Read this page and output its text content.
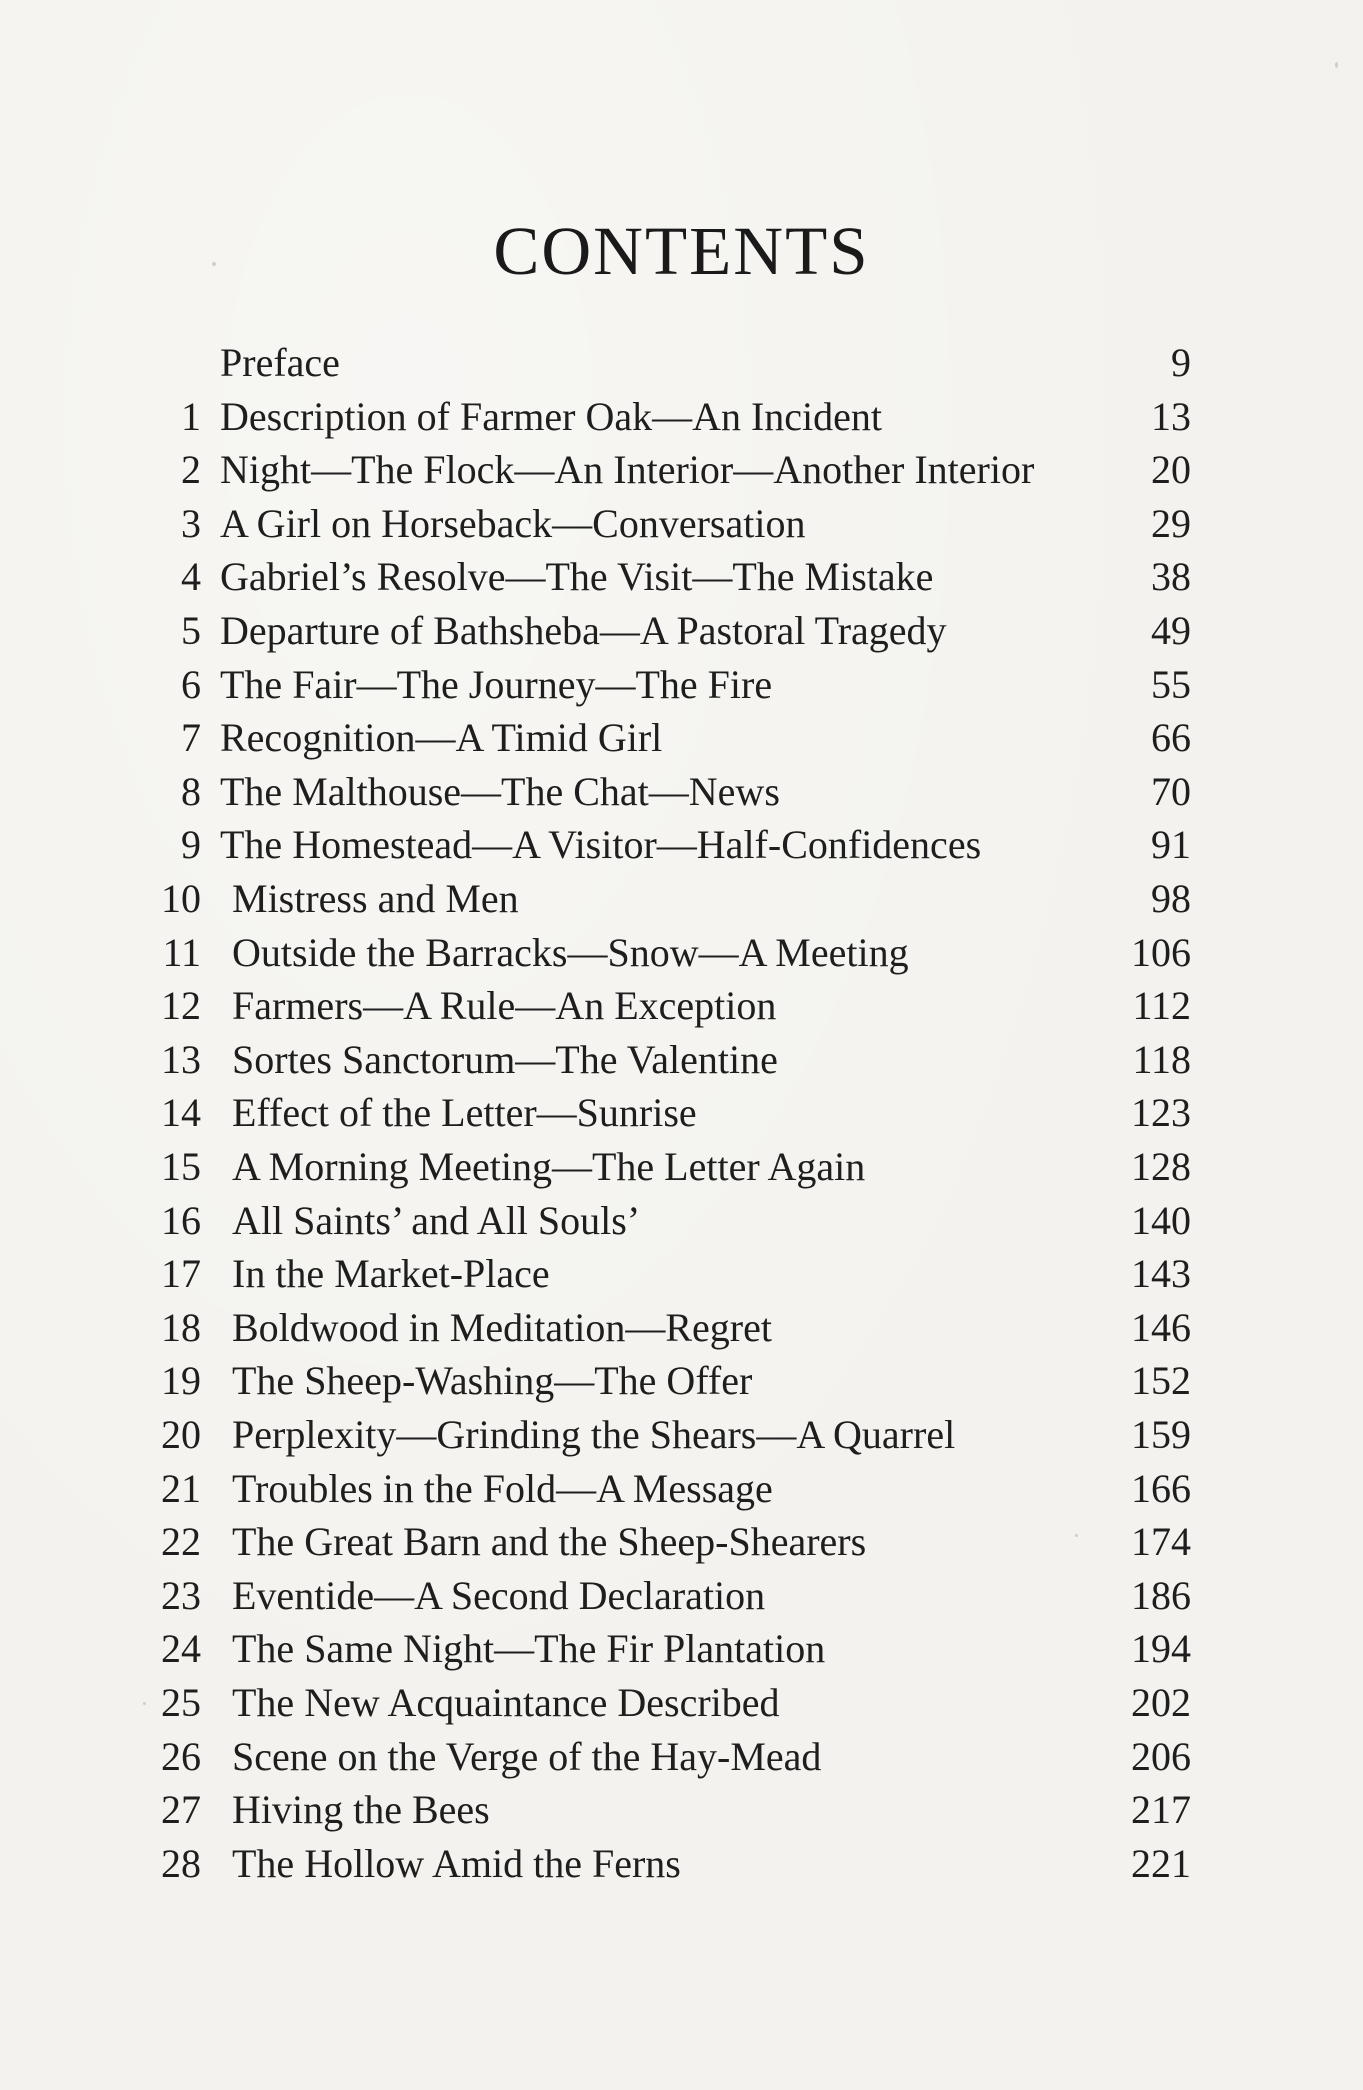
CONTENTS
Preface	9
1 Description of Farmer Oak—An Incident	13
2 Night—The Flock—An Interior—Another Interior	20
3 A Girl on Horseback—Conversation	29
4 Gabriel’s Resolve—The Visit—The Mistake	38
5 Departure of Bathsheba—A Pastoral Tragedy	49
6 The Fair—The Journey—The Fire	55
7 Recognition—A Timid Girl	66
8 The Malthouse—The Chat—News	70
9 The Homestead—A Visitor—Half-Confidences	91
10 Mistress and Men	98
11 Outside the Barracks—Snow—A Meeting	106
12 Farmers—A Rule—An Exception	112
13 Sortes Sanctorum—The Valentine	118
14 Effect of the Letter—Sunrise	123
15 A Morning Meeting—The Letter Again	128
16 All Saints’ and All Souls’	140
17 In the Market-Place	143
18 Boldwood in Meditation—Regret	146
19 The Sheep-Washing—The Offer	152
20 Perplexity—Grinding the Shears—A Quarrel	159
21 Troubles in the Fold—A Message	166
22 The Great Barn and the Sheep-Shearers	174
23 Eventide—A Second Declaration	186
24 The Same Night—The Fir Plantation	194
25 The New Acquaintance Described	202
26 Scene on the Verge of the Hay-Mead	206
27 Hiving the Bees	217
28 The Hollow Amid the Ferns	221
